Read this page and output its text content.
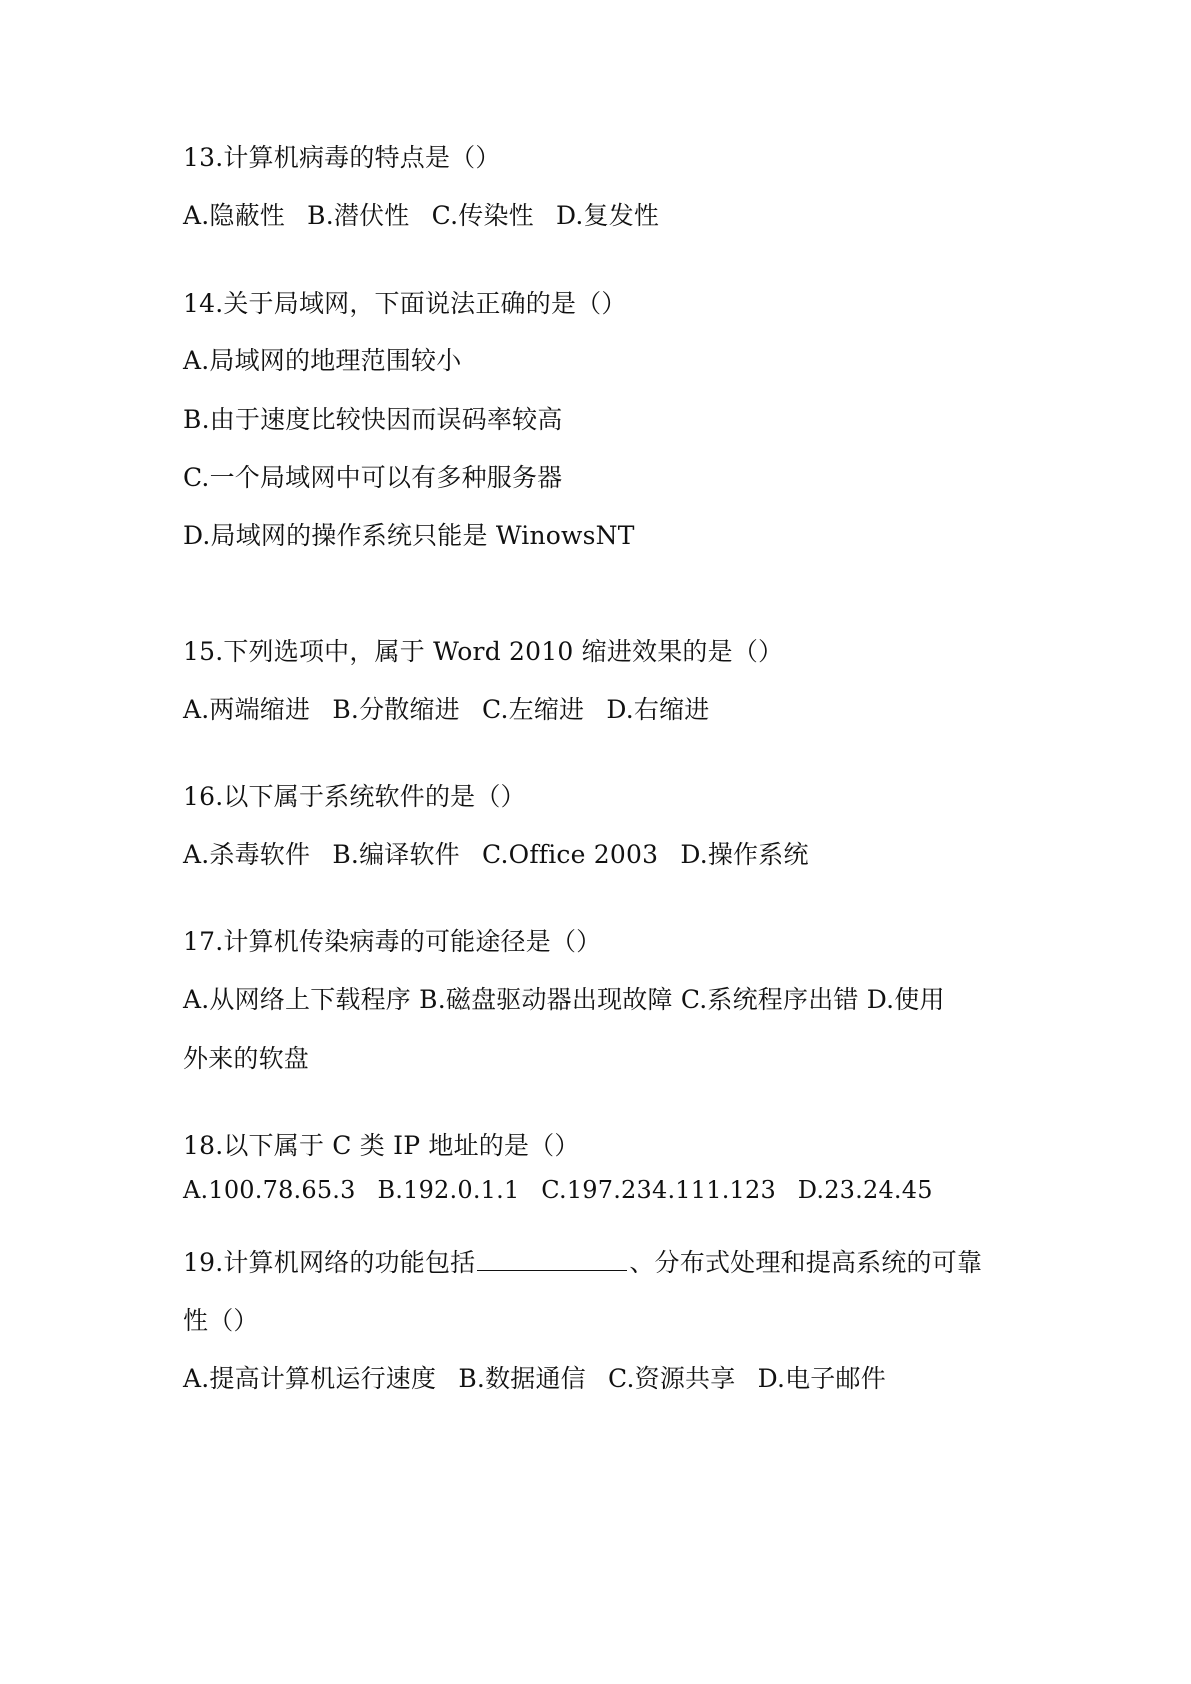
13.计算机病毒的特点是（）
A.隐蔽性 B.潜伏性 C.传染性 D.复发性
14.关于局域网，下面说法正确的是（）
A.局域网的地理范围较小
B.由于速度比较快因而误码率较高
C.一个局域网中可以有多种服务器
D.局域网的操作系统只能是 WinowsNT
15.下列选项中，属于 Word 2010 缩进效果的是（）
A.两端缩进 B.分散缩进 C.左缩进 D.右缩进
16.以下属于系统软件的是（）
A.杀毒软件 B.编译软件 C.Office 2003 D.操作系统
17.计算机传染病毒的可能途径是（）
A.从网络上下载程序 B.磁盘驱动器出现故障 C.系统程序出错 D.使用
外来的软盘
18.以下属于 C 类 IP 地址的是（）
A.100.78.65.3 B.192.0.1.1 C.197.234.111.123 D.23.24.45
19.计算机网络的功能包括	、分布式处理和提高系统的可靠
性（）
A.提高计算机运行速度 B.数据通信 C.资源共享 D.电子邮件
